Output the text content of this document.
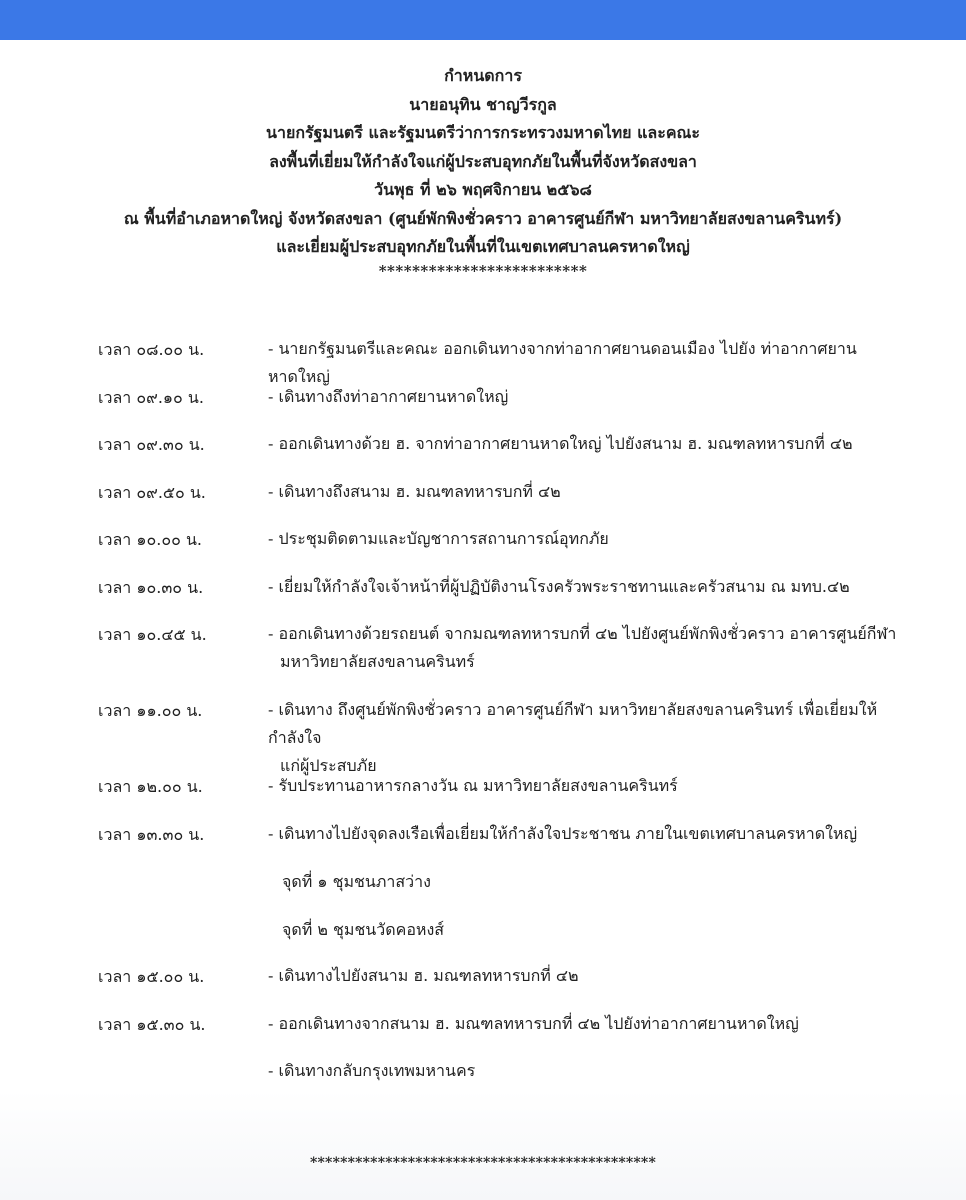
กำหนดการ
นายอนุทิน ชาญวีรกูล
นายกรัฐมนตรี และรัฐมนตรีว่าการกระทรวงมหาดไทย และคณะ
ลงพื้นที่เยี่ยมให้กำลังใจแก่ผู้ประสบอุทกภัยในพื้นที่จังหวัดสงขลา
วันพุธ ที่ ๒๖ พฤศจิกายน ๒๕๖๘
ณ พื้นที่อำเภอหาดใหญ่ จังหวัดสงขลา (ศูนย์พักพิงชั่วคราว อาคารศูนย์กีฬา มหาวิทยาลัยสงขลานครินทร์)
และเยี่ยมผู้ประสบอุทกภัยในพื้นที่ในเขตเทศบาลนครหาดใหญ่
*************************
เวลา ๐๘.๐๐ น.	- นายกรัฐมนตรีและคณะ ออกเดินทางจากท่าอากาศยานดอนเมือง ไปยัง ท่าอากาศยานหาดใหญ่
เวลา ๐๙.๑๐ น.	- เดินทางถึงท่าอากาศยานหาดใหญ่
เวลา ๐๙.๓๐ น.	- ออกเดินทางด้วย ฮ. จากท่าอากาศยานหาดใหญ่ ไปยังสนาม ฮ. มณฑลทหารบกที่ ๔๒
เวลา ๐๙.๕๐ น.	- เดินทางถึงสนาม ฮ. มณฑลทหารบกที่ ๔๒
เวลา ๑๐.๐๐ น.	- ประชุมติดตามและบัญชาการสถานการณ์อุทกภัย
เวลา ๑๐.๓๐ น.	- เยี่ยมให้กำลังใจเจ้าหน้าที่ผู้ปฏิบัติงานโรงครัวพระราชทานและครัวสนาม ณ มทบ.๔๒
เวลา ๑๐.๔๕ น.	- ออกเดินทางด้วยรถยนต์ จากมณฑลทหารบกที่ ๔๒ ไปยังศูนย์พักพิงชั่วคราว อาคารศูนย์กีฬา
มหาวิทยาลัยสงขลานครินทร์
เวลา ๑๑.๐๐ น.	- เดินทาง ถึงศูนย์พักพิงชั่วคราว อาคารศูนย์กีฬา มหาวิทยาลัยสงขลานครินทร์ เพื่อเยี่ยมให้กำลังใจ
แก่ผู้ประสบภัย
เวลา ๑๒.๐๐ น.	- รับประทานอาหารกลางวัน ณ มหาวิทยาลัยสงขลานครินทร์
เวลา ๑๓.๓๐ น.	- เดินทางไปยังจุดลงเรือเพื่อเยี่ยมให้กำลังใจประชาชน ภายในเขตเทศบาลนครหาดใหญ่
จุดที่ ๑ ชุมชนภาสว่าง
จุดที่ ๒ ชุมชนวัดคอหงส์
เวลา ๑๕.๐๐ น.	- เดินทางไปยังสนาม ฮ. มณฑลทหารบกที่ ๔๒
เวลา ๑๕.๓๐ น.	- ออกเดินทางจากสนาม ฮ. มณฑลทหารบกที่ ๔๒ ไปยังท่าอากาศยานหาดใหญ่
- เดินทางกลับกรุงเทพมหานคร
**********************************************
